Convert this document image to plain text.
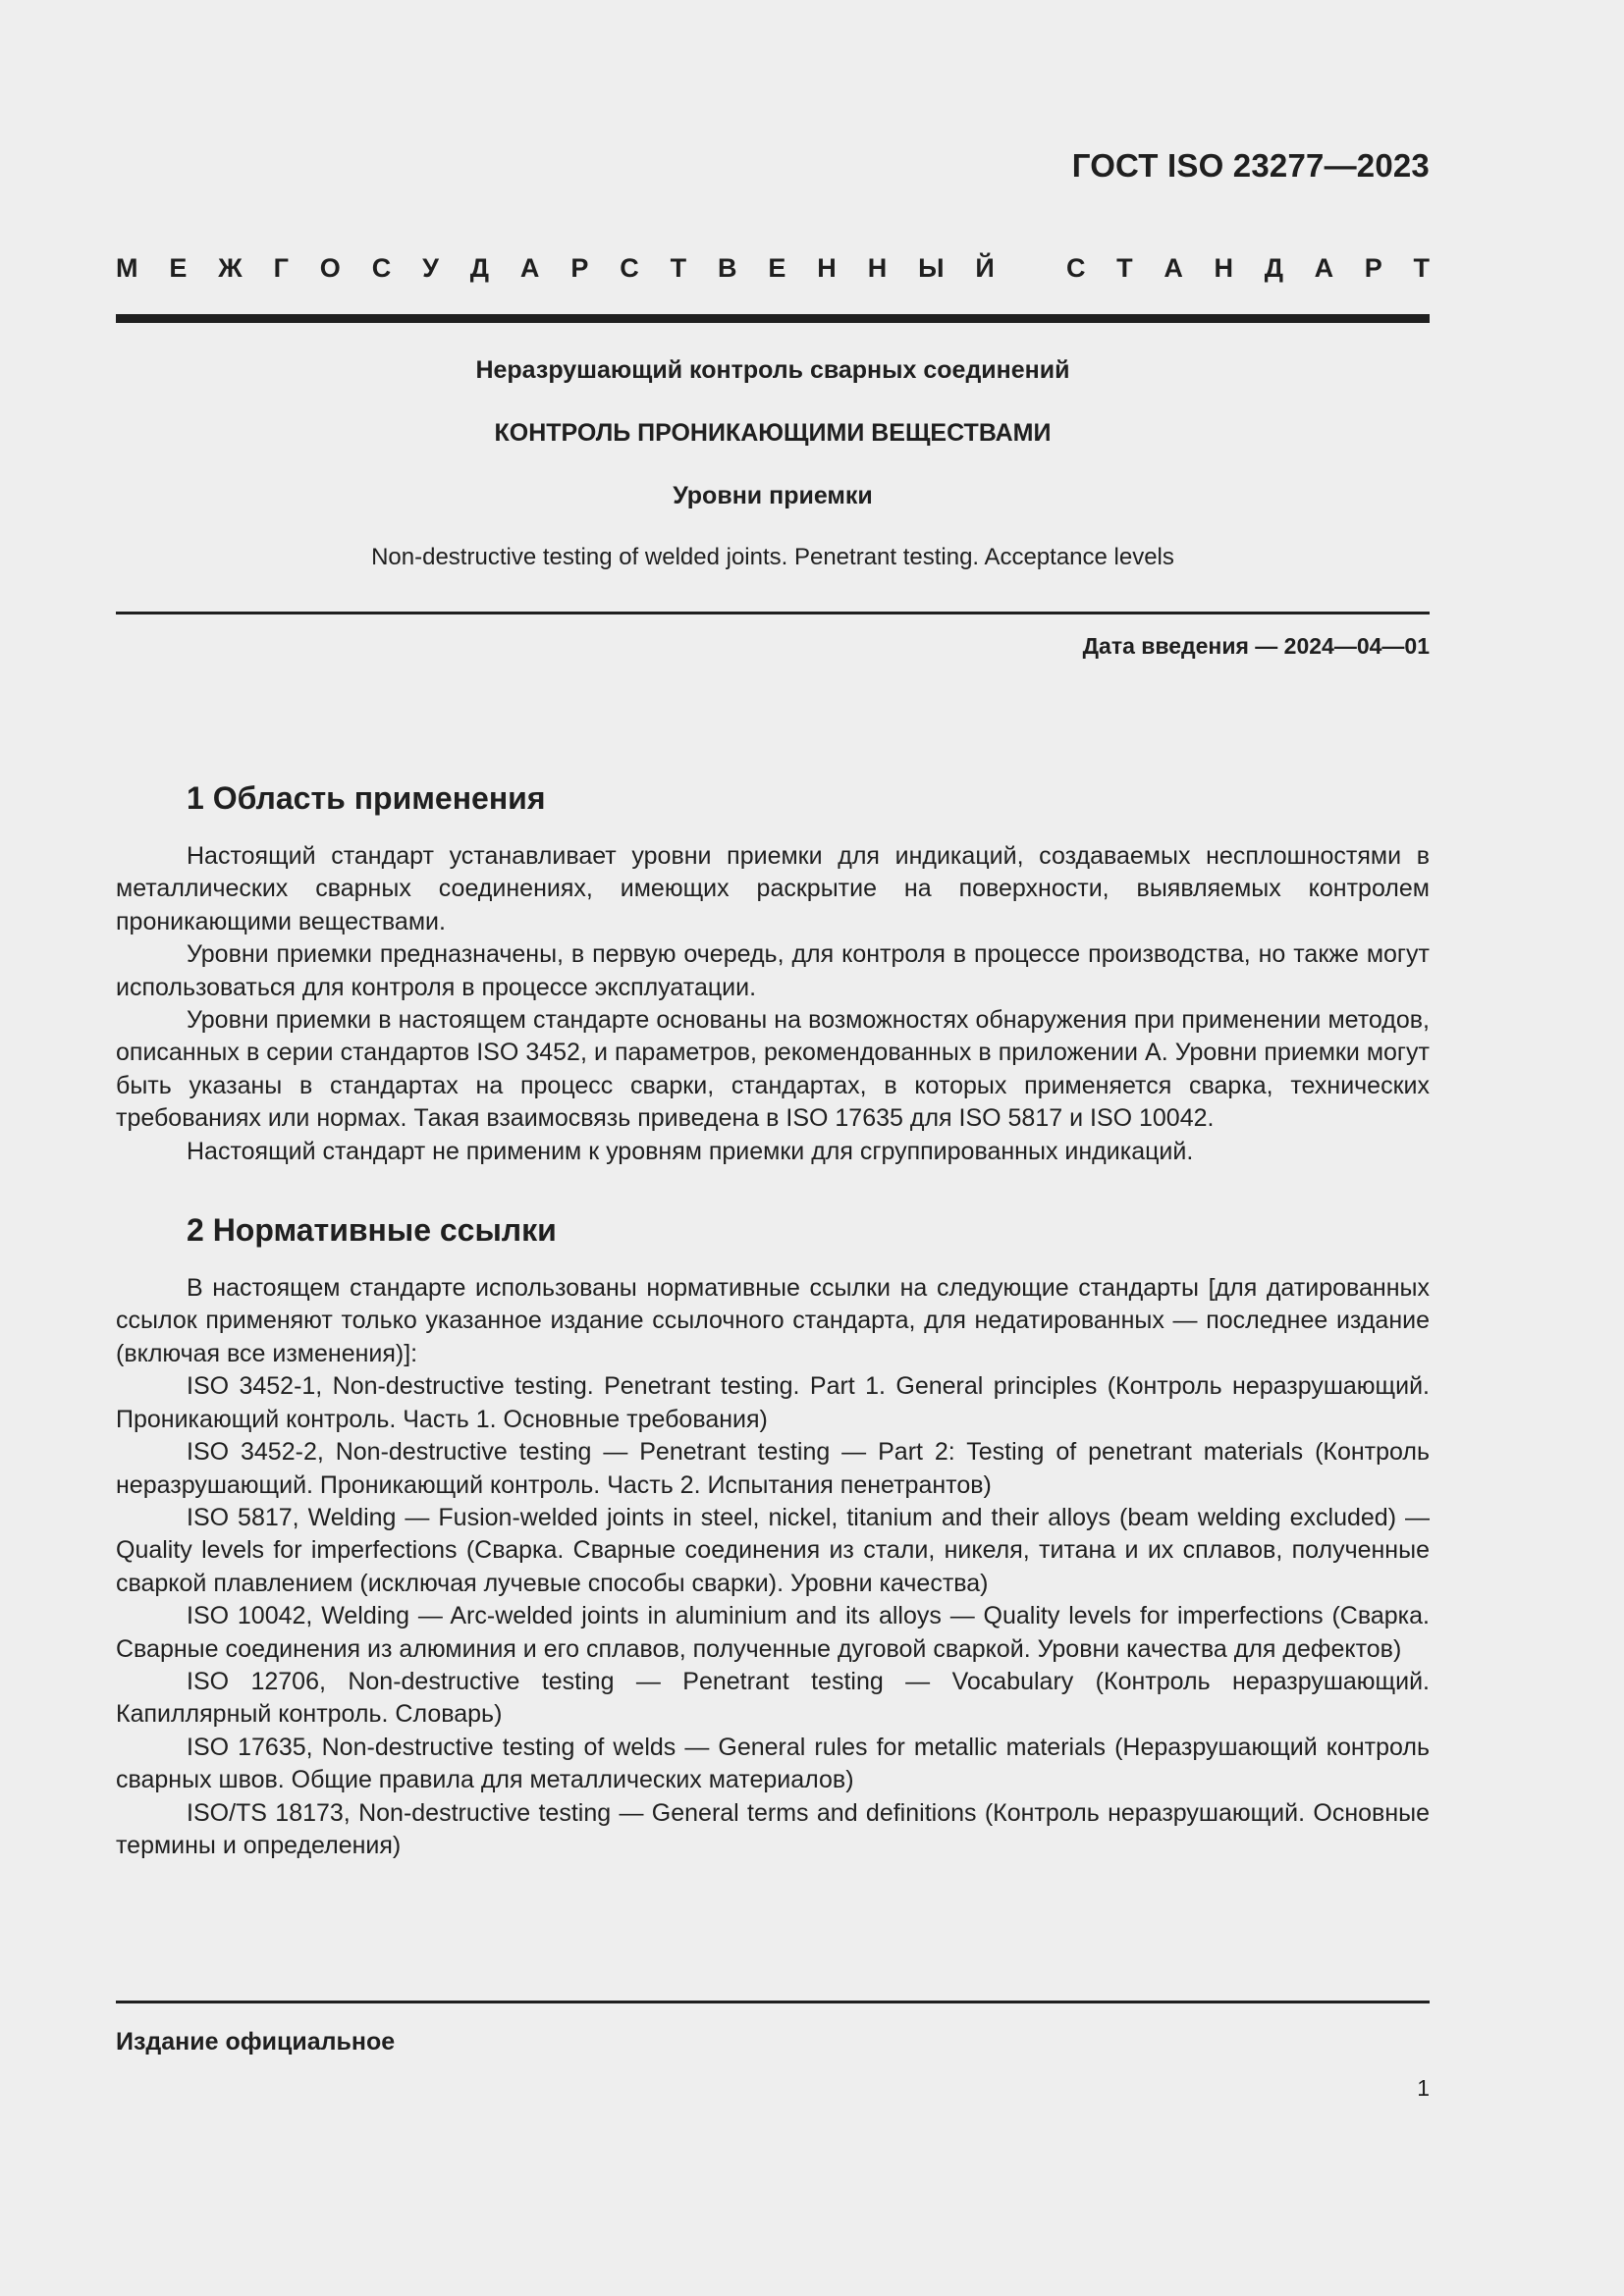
ГОСТ ISO 23277—2023
М Е Ж Г О С У Д А Р С Т В Е Н Н Ы Й	С Т А Н Д А Р Т
Неразрушающий контроль сварных соединений
КОНТРОЛЬ ПРОНИКАЮЩИМИ ВЕЩЕСТВАМИ
Уровни приемки
Non-destructive testing of welded joints. Penetrant testing. Acceptance levels
Дата введения — 2024—04—01
1 Область применения

Настоящий стандарт устанавливает уровни приемки для индикаций, создаваемых несплошностями в металлических сварных соединениях, имеющих раскрытие на поверхности, выявляемых контролем проникающими веществами.

Уровни приемки предназначены, в первую очередь, для контроля в процессе производства, но также могут использоваться для контроля в процессе эксплуатации.

Уровни приемки в настоящем стандарте основаны на возможностях обнаружения при применении методов, описанных в серии стандартов ISO 3452, и параметров, рекомендованных в приложении А. Уровни приемки могут быть указаны в стандартах на процесс сварки, стандартах, в которых применяется сварка, технических требованиях или нормах. Такая взаимосвязь приведена в ISO 17635 для ISO 5817 и ISO 10042.

Настоящий стандарт не применим к уровням приемки для сгруппированных индикаций.

2 Нормативные ссылки

В настоящем стандарте использованы нормативные ссылки на следующие стандарты [для датированных ссылок применяют только указанное издание ссылочного стандарта, для недатированных — последнее издание (включая все изменения)]:

ISO 3452-1, Non-destructive testing. Penetrant testing. Part 1. General principles (Контроль неразрушающий. Проникающий контроль. Часть 1. Основные требования)

ISO 3452-2, Non-destructive testing — Penetrant testing — Part 2: Testing of penetrant materials (Контроль неразрушающий. Проникающий контроль. Часть 2. Испытания пенетрантов)

ISO 5817, Welding — Fusion-welded joints in steel, nickel, titanium and their alloys (beam welding excluded) — Quality levels for imperfections (Сварка. Сварные соединения из стали, никеля, титана и их сплавов, полученные сваркой плавлением (исключая лучевые способы сварки). Уровни качества)

ISO 10042, Welding — Arc-welded joints in aluminium and its alloys — Quality levels for imperfections (Сварка. Сварные соединения из алюминия и его сплавов, полученные дуговой сваркой. Уровни качества для дефектов)

ISO 12706, Non-destructive testing — Penetrant testing — Vocabulary (Контроль неразрушающий. Капиллярный контроль. Словарь)

ISO 17635, Non-destructive testing of welds — General rules for metallic materials (Неразрушающий контроль сварных швов. Общие правила для металлических материалов)

ISO/TS 18173, Non-destructive testing — General terms and definitions (Контроль неразрушающий. Основные термины и определения)

Издание официальное
1
